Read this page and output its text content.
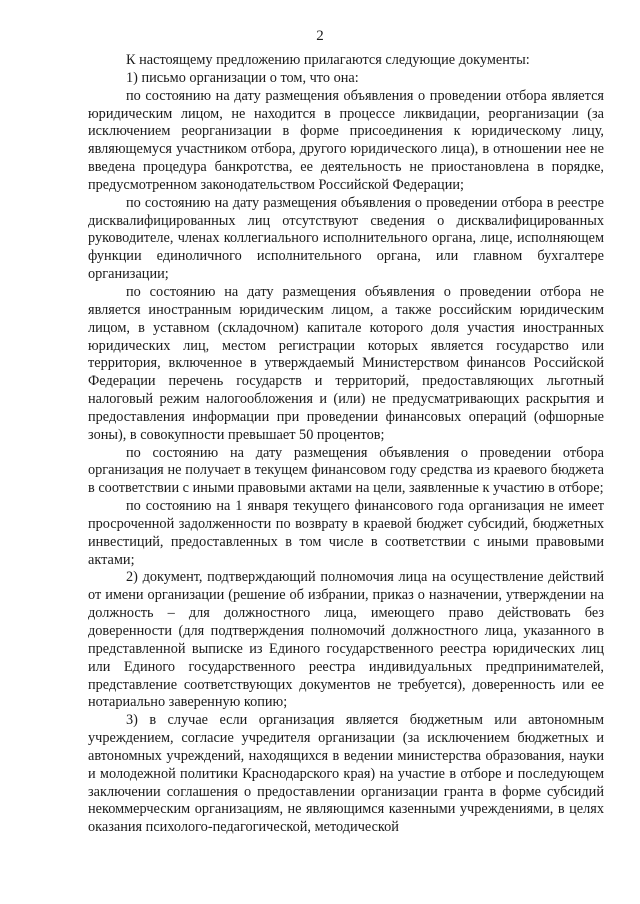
2

К настоящему предложению прилагаются следующие документы:

1) письмо организации о том, что она:

по состоянию на дату размещения объявления о проведении отбора является юридическим лицом, не находится в процессе ликвидации, реорганизации (за исключением реорганизации в форме присоединения к юридическому лицу, являющемуся участником отбора, другого юридического лица), в отношении нее не введена процедура банкротства, ее деятельность не приостановлена в порядке, предусмотренном законодательством Российской Федерации;

по состоянию на дату размещения объявления о проведении отбора в реестре дисквалифицированных лиц отсутствуют сведения о дисквалифицированных руководителе, членах коллегиального исполнительного органа, лице, исполняющем функции единоличного исполнительного органа, или главном бухгалтере организации;

по состоянию на дату размещения объявления о проведении отбора не является иностранным юридическим лицом, а также российским юридическим лицом, в уставном (складочном) капитале которого доля участия иностранных юридических лиц, местом регистрации которых является государство или территория, включенное в утверждаемый Министерством финансов Российской Федерации перечень государств и территорий, предоставляющих льготный налоговый режим налогообложения и (или) не предусматривающих раскрытия и предоставления информации при проведении финансовых операций (офшорные зоны), в совокупности превышает 50 процентов;

по состоянию на дату размещения объявления о проведении отбора организация не получает в текущем финансовом году средства из краевого бюджета в соответствии с иными правовыми актами на цели, заявленные к участию в отборе;

по состоянию на 1 января текущего финансового года организация не имеет просроченной задолженности по возврату в краевой бюджет субсидий, бюджетных инвестиций, предоставленных в том числе в соответствии с иными правовыми актами;

2) документ, подтверждающий полномочия лица на осуществление действий от имени организации (решение об избрании, приказ о назначении, утверждении на должность – для должностного лица, имеющего право действовать без доверенности (для подтверждения полномочий должностного лица, указанного в представленной выписке из Единого государственного реестра юридических лиц или Единого государственного реестра индивидуальных предпринимателей, представление соответствующих документов не требуется), доверенность или ее нотариально заверенную копию;

3) в случае если организация является бюджетным или автономным учреждением, согласие учредителя организации (за исключением бюджетных и автономных учреждений, находящихся в ведении министерства образования, науки и молодежной политики Краснодарского края) на участие в отборе и последующем заключении соглашения о предоставлении организации гранта в форме субсидий некоммерческим организациям, не являющимся казенными учреждениями, в целях оказания психолого-педагогической, методической
